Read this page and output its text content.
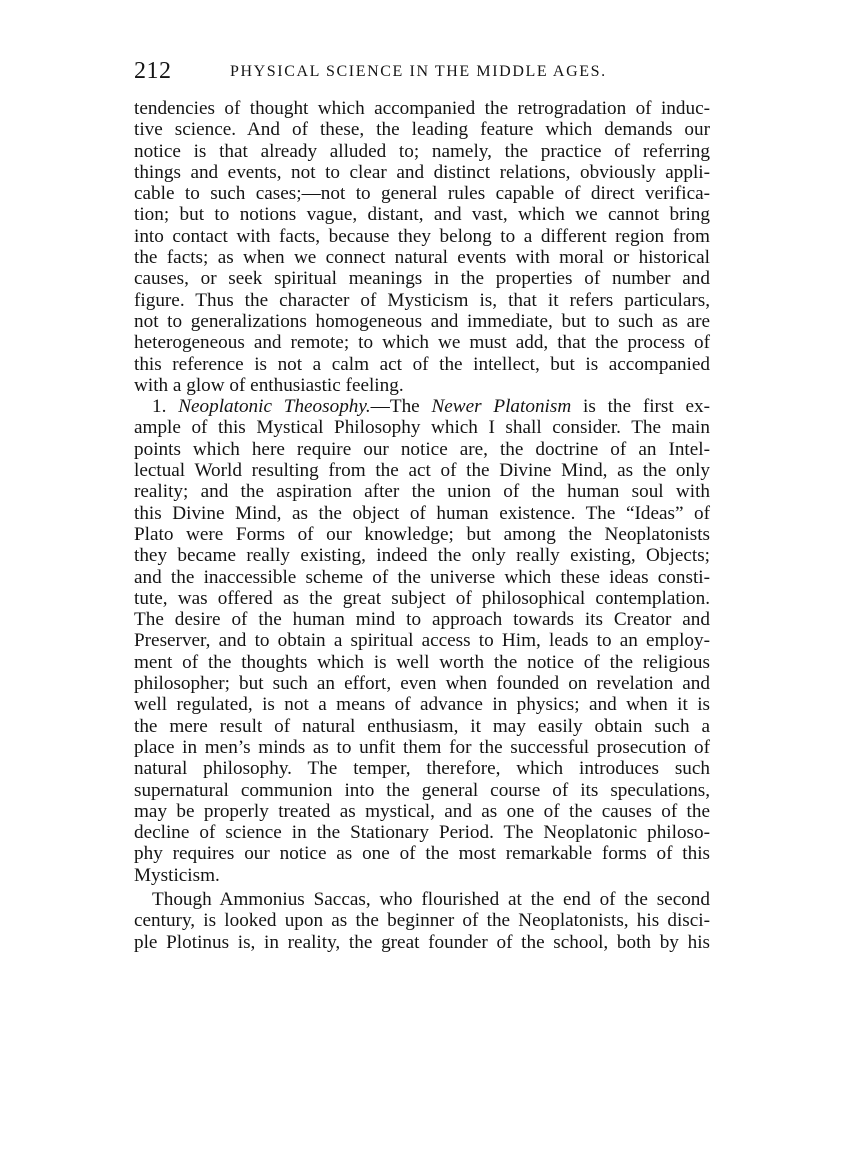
212	PHYSICAL SCIENCE IN THE MIDDLE AGES.
tendencies of thought which accompanied the retrogradation of induc-
tive science. And of these, the leading feature which demands our
notice is that already alluded to; namely, the practice of referring
things and events, not to clear and distinct relations, obviously appli-
cable to such cases;—not to general rules capable of direct verifica-
tion; but to notions vague, distant, and vast, which we cannot bring
into contact with facts, because they belong to a different region from
the facts; as when we connect natural events with moral or historical
causes, or seek spiritual meanings in the properties of number and
figure. Thus the character of Mysticism is, that it refers particulars,
not to generalizations homogeneous and immediate, but to such as are
heterogeneous and remote; to which we must add, that the process of
this reference is not a calm act of the intellect, but is accompanied
with a glow of enthusiastic feeling.
1. Neoplatonic Theosophy.—The Newer Platonism is the first ex-
ample of this Mystical Philosophy which I shall consider. The main
points which here require our notice are, the doctrine of an Intel-
lectual World resulting from the act of the Divine Mind, as the only
reality; and the aspiration after the union of the human soul with
this Divine Mind, as the object of human existence. The “Ideas” of
Plato were Forms of our knowledge; but among the Neoplatonists
they became really existing, indeed the only really existing, Objects;
and the inaccessible scheme of the universe which these ideas consti-
tute, was offered as the great subject of philosophical contemplation.
The desire of the human mind to approach towards its Creator and
Preserver, and to obtain a spiritual access to Him, leads to an employ-
ment of the thoughts which is well worth the notice of the religious
philosopher; but such an effort, even when founded on revelation and
well regulated, is not a means of advance in physics; and when it is
the mere result of natural enthusiasm, it may easily obtain such a
place in men’s minds as to unfit them for the successful prosecution of
natural philosophy. The temper, therefore, which introduces such
supernatural communion into the general course of its speculations,
may be properly treated as mystical, and as one of the causes of the
decline of science in the Stationary Period. The Neoplatonic philoso-
phy requires our notice as one of the most remarkable forms of this
Mysticism.
Though Ammonius Saccas, who flourished at the end of the second
century, is looked upon as the beginner of the Neoplatonists, his disci-
ple Plotinus is, in reality, the great founder of the school, both by his
